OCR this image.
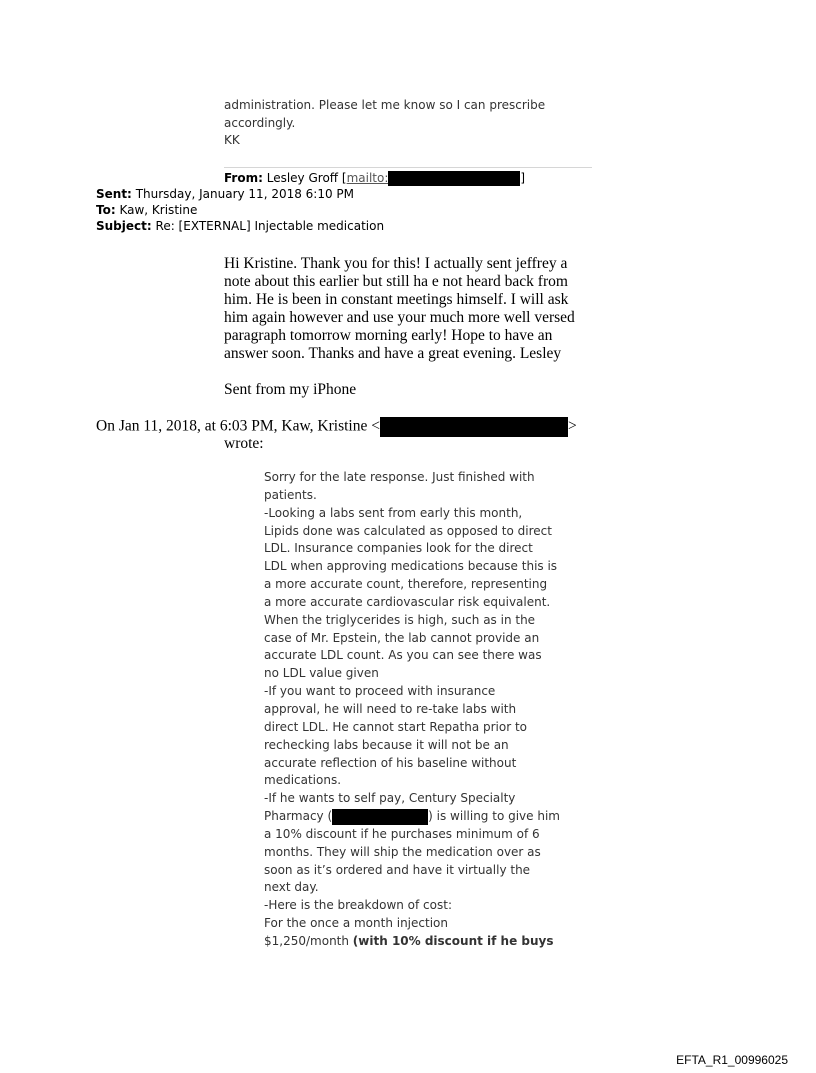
administration. Please let me know so I can prescribe
accordingly.
KK
From: Lesley Groff [mailto:	]
Sent: Thursday, January 11, 2018 6:10 PM
To: Kaw, Kristine
Subject: Re: [EXTERNAL] Injectable medication
Hi Kristine. Thank you for this! I actually sent jeffrey a
note about this earlier but still ha e not heard back from
him. He is been in constant meetings himself. I will ask
him again however and use your much more well versed
paragraph tomorrow morning early! Hope to have an
answer soon. Thanks and have a great evening. Lesley
Sent from my iPhone
On Jan 11, 2018, at 6:03 PM, Kaw, Kristine <	>
wrote:
Sorry for the late response. Just finished with
patients.
-Looking a labs sent from early this month,
Lipids done was calculated as opposed to direct
LDL. Insurance companies look for the direct
LDL when approving medications because this is
a more accurate count, therefore, representing
a more accurate cardiovascular risk equivalent.
When the triglycerides is high, such as in the
case of Mr. Epstein, the lab cannot provide an
accurate LDL count. As you can see there was
no LDL value given
-If you want to proceed with insurance
approval, he will need to re-take labs with
direct LDL. He cannot start Repatha prior to
rechecking labs because it will not be an
accurate reflection of his baseline without
medications.
-If he wants to self pay, Century Specialty
Pharmacy (	) is willing to give him
a 10% discount if he purchases minimum of 6
months. They will ship the medication over as
soon as it’s ordered and have it virtually the
next day.
-Here is the breakdown of cost:
For the once a month injection
$1,250/month (with 10% discount if he buys
EFTA_R1_00996025
